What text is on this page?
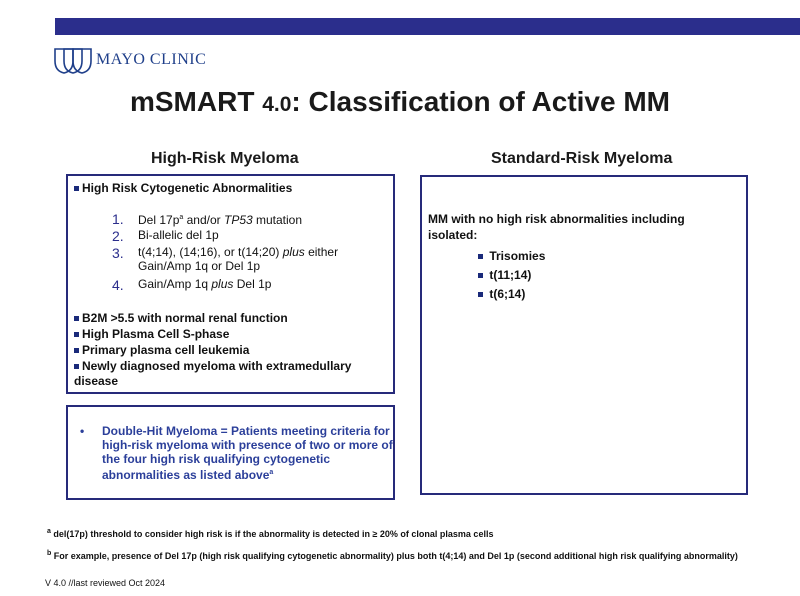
MAYO CLINIC
mSMART 4.0: Classification of Active MM
High-Risk Myeloma	Standard-Risk Myeloma
High Risk Cytogenetic Abnormalities
1. Del $17p^a$ and/or TP53 mutation
2. Bi-allelic del 1p
3. t(4;14), (14;16), or t(14;20) plus either Gain/Amp 1q or Del 1p
4. Gain/Amp 1q plus Del 1p
B2M >5.5 with normal renal function
High Plasma Cell S-phase
Primary plasma cell leukemia
Newly diagnosed myeloma with extramedullary disease
MM with no high risk abnormalities including isolated:
Trisomies
t(11;14)
t(6;14)
• Double-Hit Myeloma = Patients meeting criteria for high-risk myeloma with presence of two or more of the four high risk qualifying cytogenetic abnormalities as listed above$^a$
$^a$ del(17p) threshold to consider high risk is if the abnormality is detected in ≥ 20% of clonal plasma cells
$^b$ For example, presence of Del 17p (high risk qualifying cytogenetic abnormality) plus both t(4;14) and Del 1p (second additional high risk qualifying abnormality)
V 4.0 //last reviewed Oct 2024
